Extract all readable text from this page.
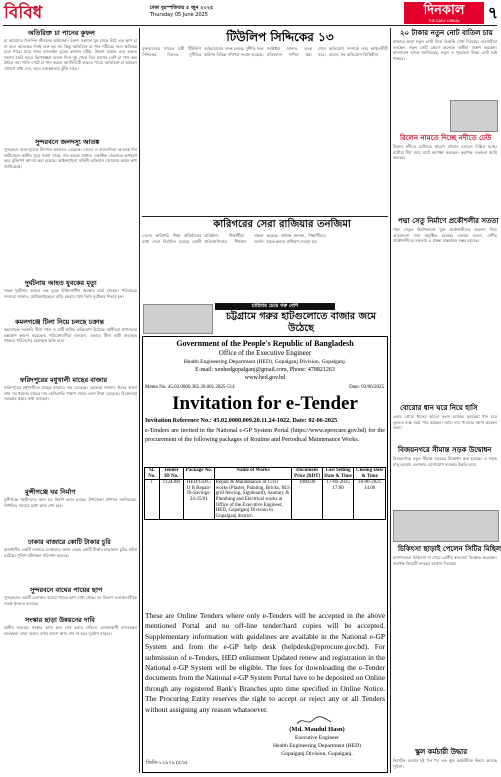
বিবিধ	ঢাকা বৃহস্পতিবার ৫ জুন ২০২৫
Thursday 05 June 2025	দিনকাল
THE DAILY DINKAL	৭
অতিরিক্ত চা পানের কুফল
চা আমাদের দৈনন্দিন জীবনের অবিচ্ছেদ্য অংশ। সকালে ঘুম থেকে উঠে এক কাপ চা না হলে অনেকের দিনই শুরু হয় না। কিন্তু অতিরিক্ত চা পান শরীরের জন্য ক্ষতিকর হতে পারে। চায়ে থাকা ক্যাফেইন ঘুমের ব্যাঘাত ঘটায়, উদ্বেগ বাড়ায় এবং হজমে সমস্যা তৈরি করে। বিশেষজ্ঞরা বলেন দিনে দুই থেকে তিন কাপের বেশি চা পান করা উচিত নয়। খালি পেটে চা পান করলে অ্যাসিডিটি বাড়তে পারে। অতিরিক্ত চা আয়রন শোষণে বাধা দেয়, ফলে রক্তস্বল্পতার ঝুঁকি বাড়ে।
সুন্দরবনে জলদস্যু আতঙ্ক
সুন্দরবনে জলদস্যুদের উৎপাত আবারও বেড়েছে। জেলে ও বাওয়ালিরা আতঙ্কে দিন কাটাচ্ছেন। স্থানীয় সূত্রে জানা গেছে, গত কয়েক সপ্তাহে একাধিক জেলেকে অপহরণ করে মুক্তিপণ আদায় করা হয়েছে। আইনশৃঙ্খলা বাহিনী অভিযান জোরদার করার কথা জানিয়েছে।
দুর্ঘটনায় আহত যুবকের মৃত্যু
সড়ক দুর্ঘটনায় আহত এক যুবক চিকিৎসাধীন অবস্থায় মারা গেছেন। পরিবারের সদস্যরা জানান, মোটরসাইকেলে বাড়ি ফেরার পথে তিনি দুর্ঘটনার শিকার হন।
কমলগঞ্জে টিলা নিয়ে চলছে চক্রান্ত
কমলগঞ্জে সরকারি টিলা দখল ও মাটি কাটার অভিযোগ উঠেছে। স্থানীয়রা প্রশাসনের হস্তক্ষেপ কামনা করেছেন। পরিবেশবাদীরা বলছেন, এভাবে টিলা কাটা অব্যাহত থাকলে পরিবেশের মারাত্মক ক্ষতি হবে।
ফরিদপুরের মধুখালী মাছের বাজার
ফরিদপুরের মধুখালীতে মাছের বাজারে দাম বেড়েছে। ক্রেতারা জানান, ঈদের আগে প্রায় সব ধরনের মাছের দাম কেজিপ্রতি পঞ্চাশ থেকে একশ টাকা বেড়েছে। বিক্রেতারা সরবরাহ কমের কথা বলছেন।
মুন্সীগঞ্জে ঘর নির্মাণ
মুন্সীগঞ্জে গৃহহীনদের জন্য ঘর নির্মাণ কাজ চলছে। উপজেলা প্রশাসন জানিয়েছে, নির্ধারিত সময়ের মধ্যে কাজ শেষ হবে।
ঢাকার বাজারে কোটি টাকার চুরি
রাজধানীর একটি বাজারে দোকানের তালা ভেঙে কোটি টাকার মালামাল চুরির ঘটনা ঘটেছে। পুলিশ ঘটনাস্থল পরিদর্শন করেছে।
সুন্দরবনে বাঘের পায়ের ছাপ
সুন্দরবনের একটি এলাকায় বাঘের পায়ের ছাপ দেখা গেছে। বন বিভাগ এলাকাবাসীকে সতর্ক থাকতে বলেছে।
সংস্কার ছাড়া উন্নয়নের দাবি
স্থানীয় সড়কের সংস্কার কাজ দ্রুত শেষ করার দাবিতে এলাকাবাসী মানববন্ধন করেছেন। তারা বলেন, বর্ষার আগে কাজ শেষ না হলে দুর্ভোগ বাড়বে।
টিউলিপ সিদ্দিকের ১৩
যুক্তরাজ্যের সাবেক মন্ত্রী টিউলিপ সিদ্দিকের বিরুদ্ধে দুর্নীতির অভিযোগের তদন্ত চলছে। দুর্নীতি দমন কমিশন বিভিন্ন নথিপত্র সংগ্রহ করেছে। সংশ্লিষ্টরা জানান, তদন্ত শেষে প্রতিবেদন দাখিল করা হবে। অভিযোগ সম্পর্কে তার আইনজীবী বলেন, সব অভিযোগ ভিত্তিহীন।
কারিগরের সেরা রাজিয়ার তনজিমা
দেশের কারিগরি শিক্ষা প্রতিষ্ঠানের মধ্যে সেরা নির্বাচিত হয়েছে একটি প্রতিষ্ঠান। শিক্ষার্থীরা দক্ষতা প্রতিযোগিতায় শীর্ষস্থান অর্জন করেছে। অধ্যক্ষ জানান, শিক্ষার্থীদের হাতে-কলমে প্রশিক্ষণ দেওয়া হয়।
চাহিদার চেয়ে গরু বেশি
চট্টগ্রামে গরুর হাটগুলোতে বাজার জমে উঠেছে
Government of the People's Republic of Bangladesh
Office of the Executive Engineer
Health Engineering Department (HED), Gopalganj Division, Gopalganj.
E-mail: xenhedgopalganj@gmail.com, Phone: 478821263
www.hed.gov.bd
Memo No. 45.02.0000.382.20.001.2025-514	Date: 03/06/2025
Invitation for e-Tender
Invitation Reference No.: 45.02.0000.009.20.11.24-1022, Date: 02-06-2025
e-Tenders are invited in the National e-GP System Portal (https://www.eprocure.gov.bd) for the procurement of the following packages of Routine and Periodical Maintenance Works.
Sl. No.	Tender ID No.	Package No.	Name of Works	Document Price (BDT)	Last Selling Date & Time	Closing Date & Time
1	1124360	HED/GD/G O B Repair-IS-Savings-24-25/01	Repair & Maintenance of Civil works (Plaster, Painting, Bricks, M.S grill fencing, Signboard), Sanitary & Plumbing and Electrical works at Office of the Executive Engineer, HED, Gopalganj Division in Gopalganj district.	1000.00	17-06-2025 17:00	18-06-2025 14.00
These are Online Tenders where only e-Tenders will be accepted in the above mentioned Portal and no off-line tender/hard copies will be accepted. Supplementary information with guidelines are available in the National e-GP System and from the e-GP help desk (helpdesk@eprocure.gov.bd). For submission of e-Tenders, HED enlistment Updated renew and registration in the National e-GP System will be eligible. The fees for downloading the e-Tender documents from the National e-GP System Portal have to be deposited on Online through any registered Bank's Branches upto time specified in Online Notice. The Procuring Entity reserves the right to accept or reject any or all Tenders without assigning any reason whatsoever.
(Md. Maudul Hasn)
Executive Engineer
Health Engineering Department (HED)
Gopalganj Division, Gopalganj.
জিডি-১২৯৭৯ (৫/৬)
২০ টাকার নতুন নোট বাতিল চায়
বাজারে ছাড়া নতুন নোট নিয়ে বিভ্রান্তি দেখা দিয়েছে। ব্যবসায়ীরা বলছেন, নতুন নোট গ্রহণে অনেকে অনীহা প্রকাশ করছেন। বাংলাদেশ ব্যাংক জানিয়েছে, নতুন ও পুরোনো উভয় নোট বৈধ থাকবে।
রিলেন নামতে দিচ্ছে নদীতে ঢেউ
উত্তাল নদীতে ঢেউয়ের কারণে নৌযান চলাচল বিঘ্নিত হচ্ছে। যাত্রীরা দীর্ঘ সময় ঘাটে অপেক্ষা করছেন। কর্তৃপক্ষ সতর্কতা জারি করেছে।
পদ্মা সেতু নির্মাণে প্রকৌশলীর সততা
পদ্মা সেতুর নির্মাণকাজে যুক্ত প্রকৌশলীদের অবদান নিয়ে আলোচনা সভা অনুষ্ঠিত হয়েছে। বক্তারা বলেন, দেশীয় প্রকৌশলীদের দক্ষতায় এ প্রকল্প বাস্তবায়ন সম্ভব হয়েছে।
বোরোর ধান ঘরে নিয়ে হাসি
এবার বোরো ধানের ভালো ফলন হয়েছে। কৃষকেরা ধান ঘরে তুলতে ব্যস্ত সময় পার করছেন। ন্যায্য দাম পাওয়ার আশা করছেন তারা।
বিজয়নগরে সীমান্ত সড়ক উদ্বোধন
বিজয়নগরে নতুন সীমান্ত সড়কের উদ্বোধন করা হয়েছে। এ সড়ক চালু হওয়ায় এলাকার যোগাযোগ ব্যবস্থার উন্নতি হবে।
চিকিৎসা ছাড়াই পেলেন সিটির মিছিল
হাসপাতালে চিকিৎসা না পেয়ে রোগীর স্বজনেরা বিক্ষোভ করেছেন। কর্তৃপক্ষ বিষয়টি তদন্তের আশ্বাস দিয়েছে।
স্কুল কর্মচারী উদ্ধার
নিখোঁজ হওয়ার দুই দিন পর এক স্কুল কর্মচারীকে উদ্ধার করেছে পুলিশ।
